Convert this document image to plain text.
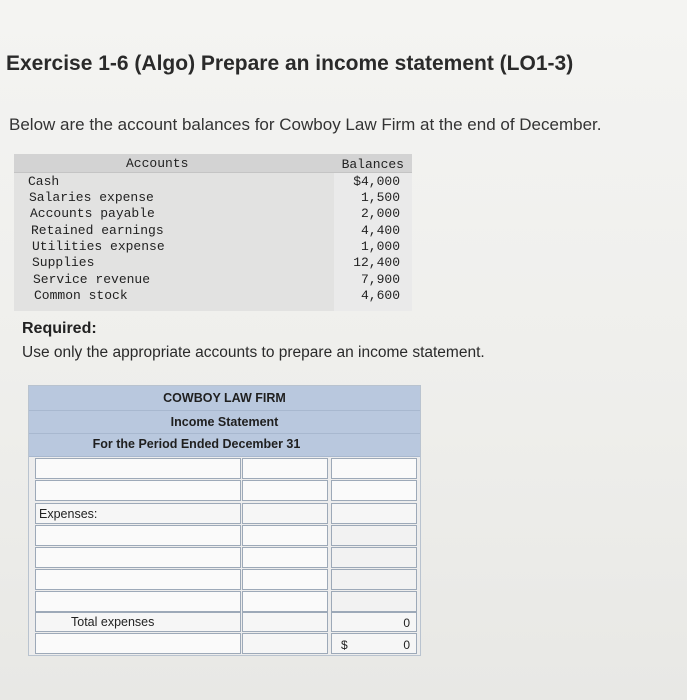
Exercise 1-6 (Algo) Prepare an income statement (LO1-3)

Below are the account balances for Cowboy Law Firm at the end of December.

Accounts	Balances
Cash	$4,000
Salaries expense	1,500
Accounts payable	2,000
Retained earnings	4,400
Utilities expense	1,000
Supplies	12,400
Service revenue	7,900
Common stock	4,600

Required:

Use only the appropriate accounts to prepare an income statement.

COWBOY LAW FIRM
Income Statement
For the Period Ended December 31
Expenses:
Total expenses	0
$	0
